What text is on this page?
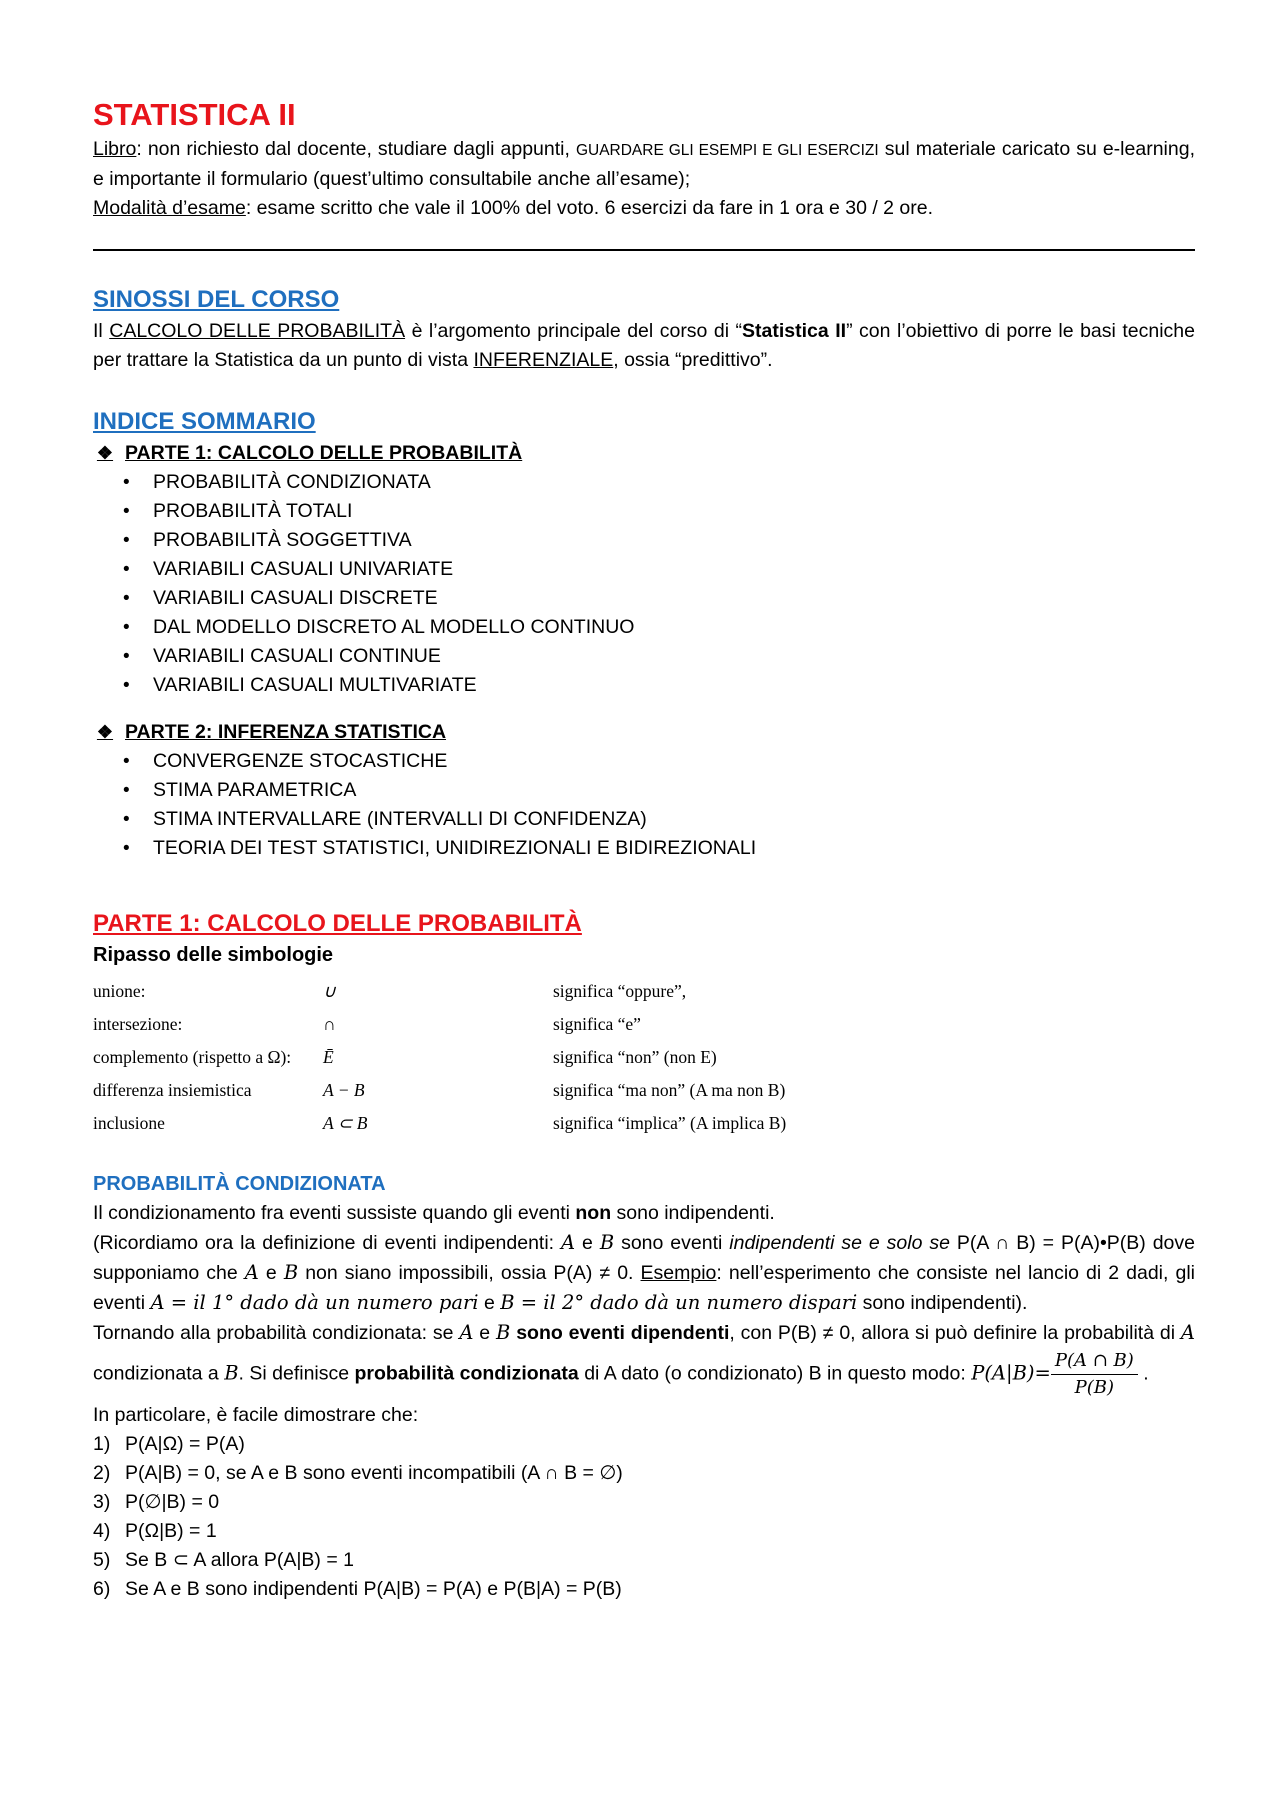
STATISTICA II

Libro: non richiesto dal docente, studiare dagli appunti, GUARDARE GLI ESEMPI E GLI ESERCIZI sul materiale caricato su e-learning, e importante il formulario (quest’ultimo consultabile anche all’esame);

Modalità d’esame: esame scritto che vale il 100% del voto. 6 esercizi da fare in 1 ora e 30 / 2 ore.

SINOSSI DEL CORSO

Il CALCOLO DELLE PROBABILITÀ è l’argomento principale del corso di “Statistica II” con l’obiettivo di porre le basi tecniche per trattare la Statistica da un punto di vista INFERENZIALE, ossia “predittivo”.

INDICE SOMMARIO

❖ PARTE 1: CALCOLO DELLE PROBABILITÀ

•	PROBABILITÀ CONDIZIONATA
•	PROBABILITÀ TOTALI
•	PROBABILITÀ SOGGETTIVA
•	VARIABILI CASUALI UNIVARIATE
•	VARIABILI CASUALI DISCRETE
•	DAL MODELLO DISCRETO AL MODELLO CONTINUO
•	VARIABILI CASUALI CONTINUE
•	VARIABILI CASUALI MULTIVARIATE

❖ PARTE 2: INFERENZA STATISTICA

•	CONVERGENZE STOCASTICHE
•	STIMA PARAMETRICA
•	STIMA INTERVALLARE (INTERVALLI DI CONFIDENZA)
•	TEORIA DEI TEST STATISTICI, UNIDIREZIONALI E BIDIREZIONALI
PARTE 1: CALCOLO DELLE PROBABILITÀ

Ripasso delle simbologie

unione:	∪	significa “oppure”,
intersezione:	∩	significa “e”
complemento (rispetto a Ω):	Ē	significa “non” (non E)
differenza insiemistica	A − B	significa “ma non” (A ma non B)
inclusione	A ⊂ B	significa “implica” (A implica B)
PROBABILITÀ CONDIZIONATA

Il condizionamento fra eventi sussiste quando gli eventi non sono indipendenti.

(Ricordiamo ora la definizione di eventi indipendenti: A e B sono eventi indipendenti se e solo se P(A ∩ B) = P(A)•P(B) dove supponiamo che A e B non siano impossibili, ossia P(A) ≠ 0. Esempio: nell’esperimento che consiste nel lancio di 2 dadi, gli eventi A = il 1° dado dà un numero pari e B = il 2° dado dà un numero dispari sono indipendenti).

Tornando alla probabilità condizionata: se A e B sono eventi dipendenti, con P(B) ≠ 0, allora si può definire la probabilità di A condizionata a B. Si definisce probabilità condizionata di A dato (o condizionato) B in questo modo: $P(A|B)= \frac{P(A \cap B)}{P(B)}$ .

In particolare, è facile dimostrare che:

1) P(A|Ω) = P(A)
2) P(A|B) = 0, se A e B sono eventi incompatibili (A ∩ B = ∅)
3) P(∅|B) = 0
4) P(Ω|B) = 1
5) Se B ⊂ A allora P(A|B) = 1
6) Se A e B sono indipendenti P(A|B) = P(A) e P(B|A) = P(B)
